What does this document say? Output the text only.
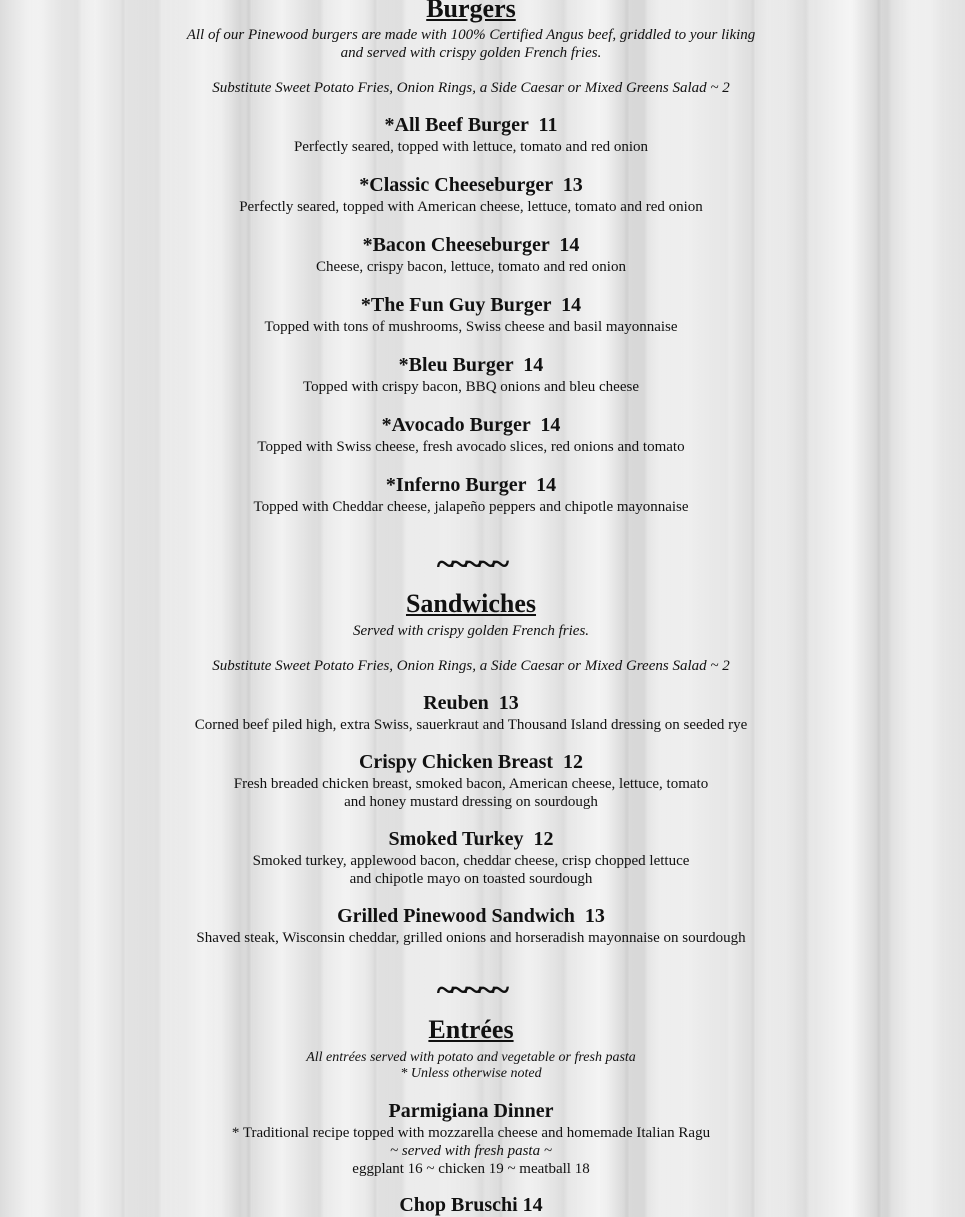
Burgers
All of our Pinewood burgers are made with 100% Certified Angus beef, griddled to your liking
and served with crispy golden French fries.
Substitute Sweet Potato Fries, Onion Rings, a Side Caesar or Mixed Greens Salad ~ 2
*All Beef Burger  11
Perfectly seared, topped with lettuce, tomato and red onion
*Classic Cheeseburger  13
Perfectly seared, topped with American cheese, lettuce, tomato and red onion
*Bacon Cheeseburger  14
Cheese, crispy bacon, lettuce, tomato and red onion
*The Fun Guy Burger  14
Topped with tons of mushrooms, Swiss cheese and basil mayonnaise
*Bleu Burger  14
Topped with crispy bacon, BBQ onions and bleu cheese
*Avocado Burger  14
Topped with Swiss cheese, fresh avocado slices, red onions and tomato
*Inferno Burger  14
Topped with Cheddar cheese, jalapeño peppers and chipotle mayonnaise
~~~~~
Sandwiches
Served with crispy golden French fries.
Substitute Sweet Potato Fries, Onion Rings, a Side Caesar or Mixed Greens Salad ~ 2
Reuben  13
Corned beef piled high, extra Swiss, sauerkraut and Thousand Island dressing on seeded rye
Crispy Chicken Breast  12
Fresh breaded chicken breast, smoked bacon, American cheese, lettuce, tomato
and honey mustard dressing on sourdough
Smoked Turkey  12
Smoked turkey, applewood bacon, cheddar cheese, crisp chopped lettuce
and chipotle mayo on toasted sourdough
Grilled Pinewood Sandwich  13
Shaved steak, Wisconsin cheddar, grilled onions and horseradish mayonnaise on sourdough
~~~~~
Entrées
All entrées served with potato and vegetable or fresh pasta
* Unless otherwise noted
Parmigiana Dinner
* Traditional recipe topped with mozzarella cheese and homemade Italian Ragu
~ served with fresh pasta ~
eggplant 16 ~ chicken 19 ~ meatball 18
Chop Bruschi 14
